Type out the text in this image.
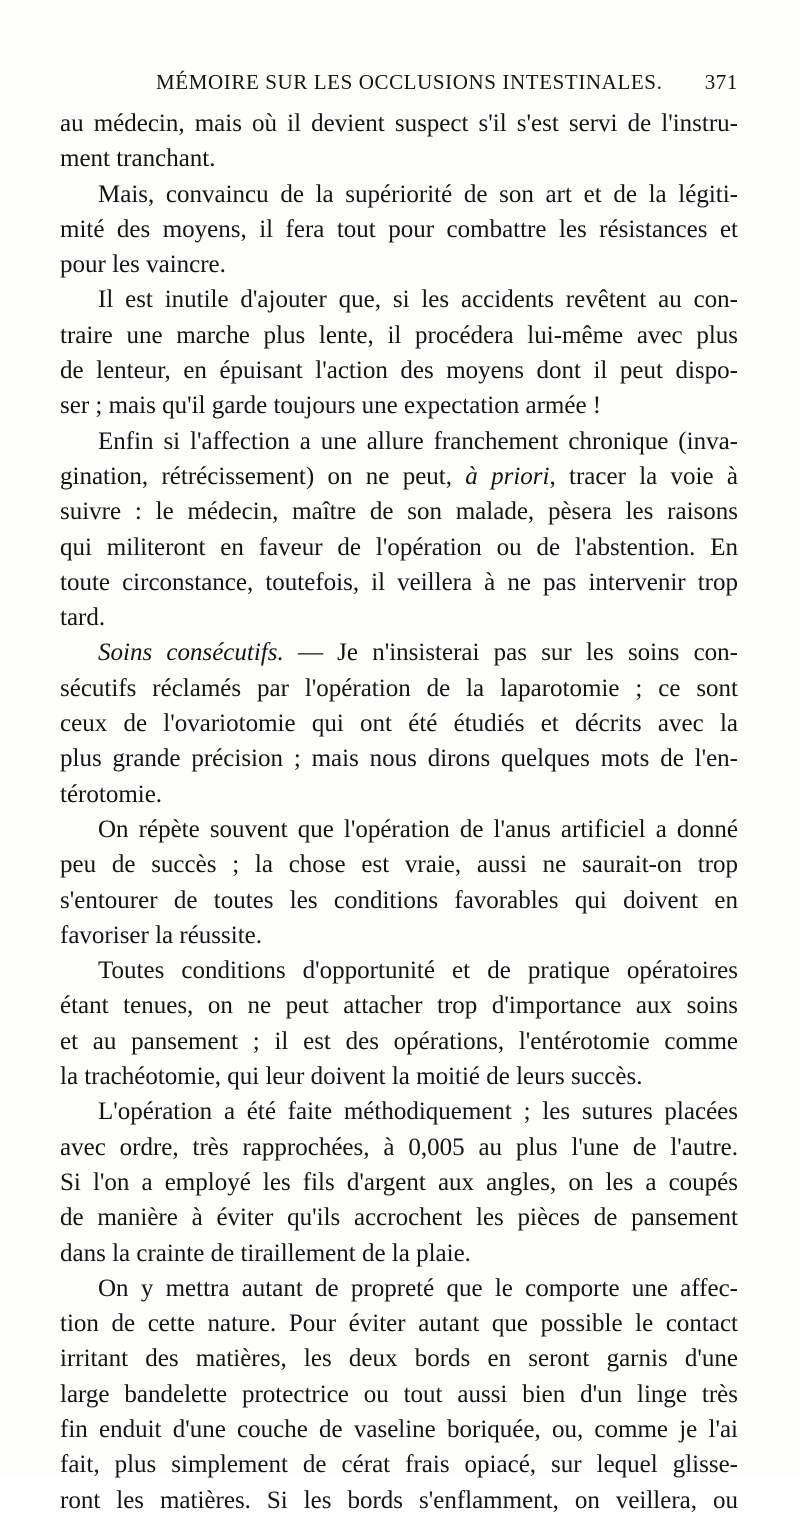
MÉMOIRE SUR LES OCCLUSIONS INTESTINALES. 371
au médecin, mais où il devient suspect s'il s'est servi de l'instru-
ment tranchant.
Mais, convaincu de la supériorité de son art et de la légiti-
mité des moyens, il fera tout pour combattre les résistances et
pour les vaincre.
Il est inutile d'ajouter que, si les accidents revêtent au con-
traire une marche plus lente, il procédera lui-même avec plus
de lenteur, en épuisant l'action des moyens dont il peut dispo-
ser ; mais qu'il garde toujours une expectation armée !
Enfin si l'affection a une allure franchement chronique (inva-
gination, rétrécissement) on ne peut, à priori, tracer la voie à
suivre : le médecin, maître de son malade, pèsera les raisons
qui militeront en faveur de l'opération ou de l'abstention. En
toute circonstance, toutefois, il veillera à ne pas intervenir trop
tard.
Soins consécutifs. — Je n'insisterai pas sur les soins con-
sécutifs réclamés par l'opération de la laparotomie ; ce sont
ceux de l'ovariotomie qui ont été étudiés et décrits avec la
plus grande précision ; mais nous dirons quelques mots de l'en-
térotomie.
On répète souvent que l'opération de l'anus artificiel a donné
peu de succès ; la chose est vraie, aussi ne saurait-on trop
s'entourer de toutes les conditions favorables qui doivent en
favoriser la réussite.
Toutes conditions d'opportunité et de pratique opératoires
étant tenues, on ne peut attacher trop d'importance aux soins
et au pansement ; il est des opérations, l'entérotomie comme
la trachéotomie, qui leur doivent la moitié de leurs succès.
L'opération a été faite méthodiquement ; les sutures placées
avec ordre, très rapprochées, à 0,005 au plus l'une de l'autre.
Si l'on a employé les fils d'argent aux angles, on les a coupés
de manière à éviter qu'ils accrochent les pièces de pansement
dans la crainte de tiraillement de la plaie.
On y mettra autant de propreté que le comporte une affec-
tion de cette nature. Pour éviter autant que possible le contact
irritant des matières, les deux bords en seront garnis d'une
large bandelette protectrice ou tout aussi bien d'un linge très
fin enduit d'une couche de vaseline boriquée, ou, comme je l'ai
fait, plus simplement de cérat frais opiacé, sur lequel glisse-
ront les matières. Si les bords s'enflamment, on veillera, ou
